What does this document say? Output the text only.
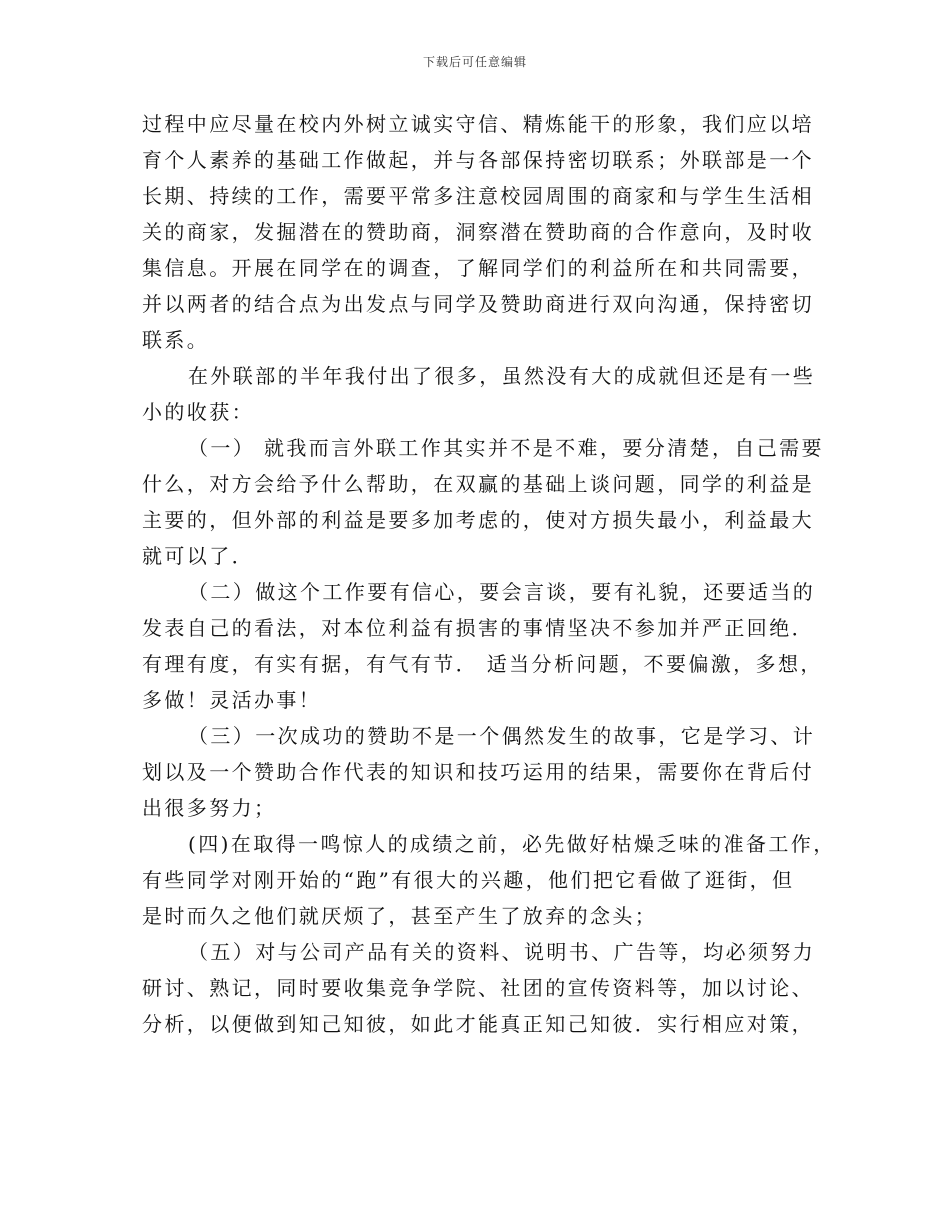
下载后可任意编辑
过程中应尽量在校内外树立诚实守信、精炼能干的形象，我们应以培
育个人素养的基础工作做起，并与各部保持密切联系；外联部是一个
长期、持续的工作，需要平常多注意校园周围的商家和与学生生活相
关的商家，发掘潜在的赞助商，洞察潜在赞助商的合作意向，及时收
集信息。开展在同学在的调查，了解同学们的利益所在和共同需要，
并以两者的结合点为出发点与同学及赞助商进行双向沟通，保持密切
联系。
在外联部的半年我付出了很多，虽然没有大的成就但还是有一些
小的收获：
（一） 就我而言外联工作其实并不是不难，要分清楚，自己需要
什么，对方会给予什么帮助，在双赢的基础上谈问题，同学的利益是
主要的，但外部的利益是要多加考虑的，使对方损失最小，利益最大
就可以了．
（二）做这个工作要有信心，要会言谈，要有礼貌，还要适当的
发表自己的看法，对本位利益有损害的事情坚决不参加并严正回绝．
有理有度，有实有据，有气有节． 适当分析问题，不要偏激，多想，
多做！灵活办事！
（三）一次成功的赞助不是一个偶然发生的故事，它是学习、计
划以及一个赞助合作代表的知识和技巧运用的结果，需要你在背后付
出很多努力；
(四)在取得一鸣惊人的成绩之前，必先做好枯燥乏味的准备工作，
有些同学对刚开始的“跑”有很大的兴趣，他们把它看做了逛街，但
是时而久之他们就厌烦了，甚至产生了放弃的念头；
（五）对与公司产品有关的资料、说明书、广告等，均必须努力
研讨、熟记，同时要收集竞争学院、社团的宣传资料等，加以讨论、
分析，以便做到知己知彼，如此才能真正知己知彼．实行相应对策，
